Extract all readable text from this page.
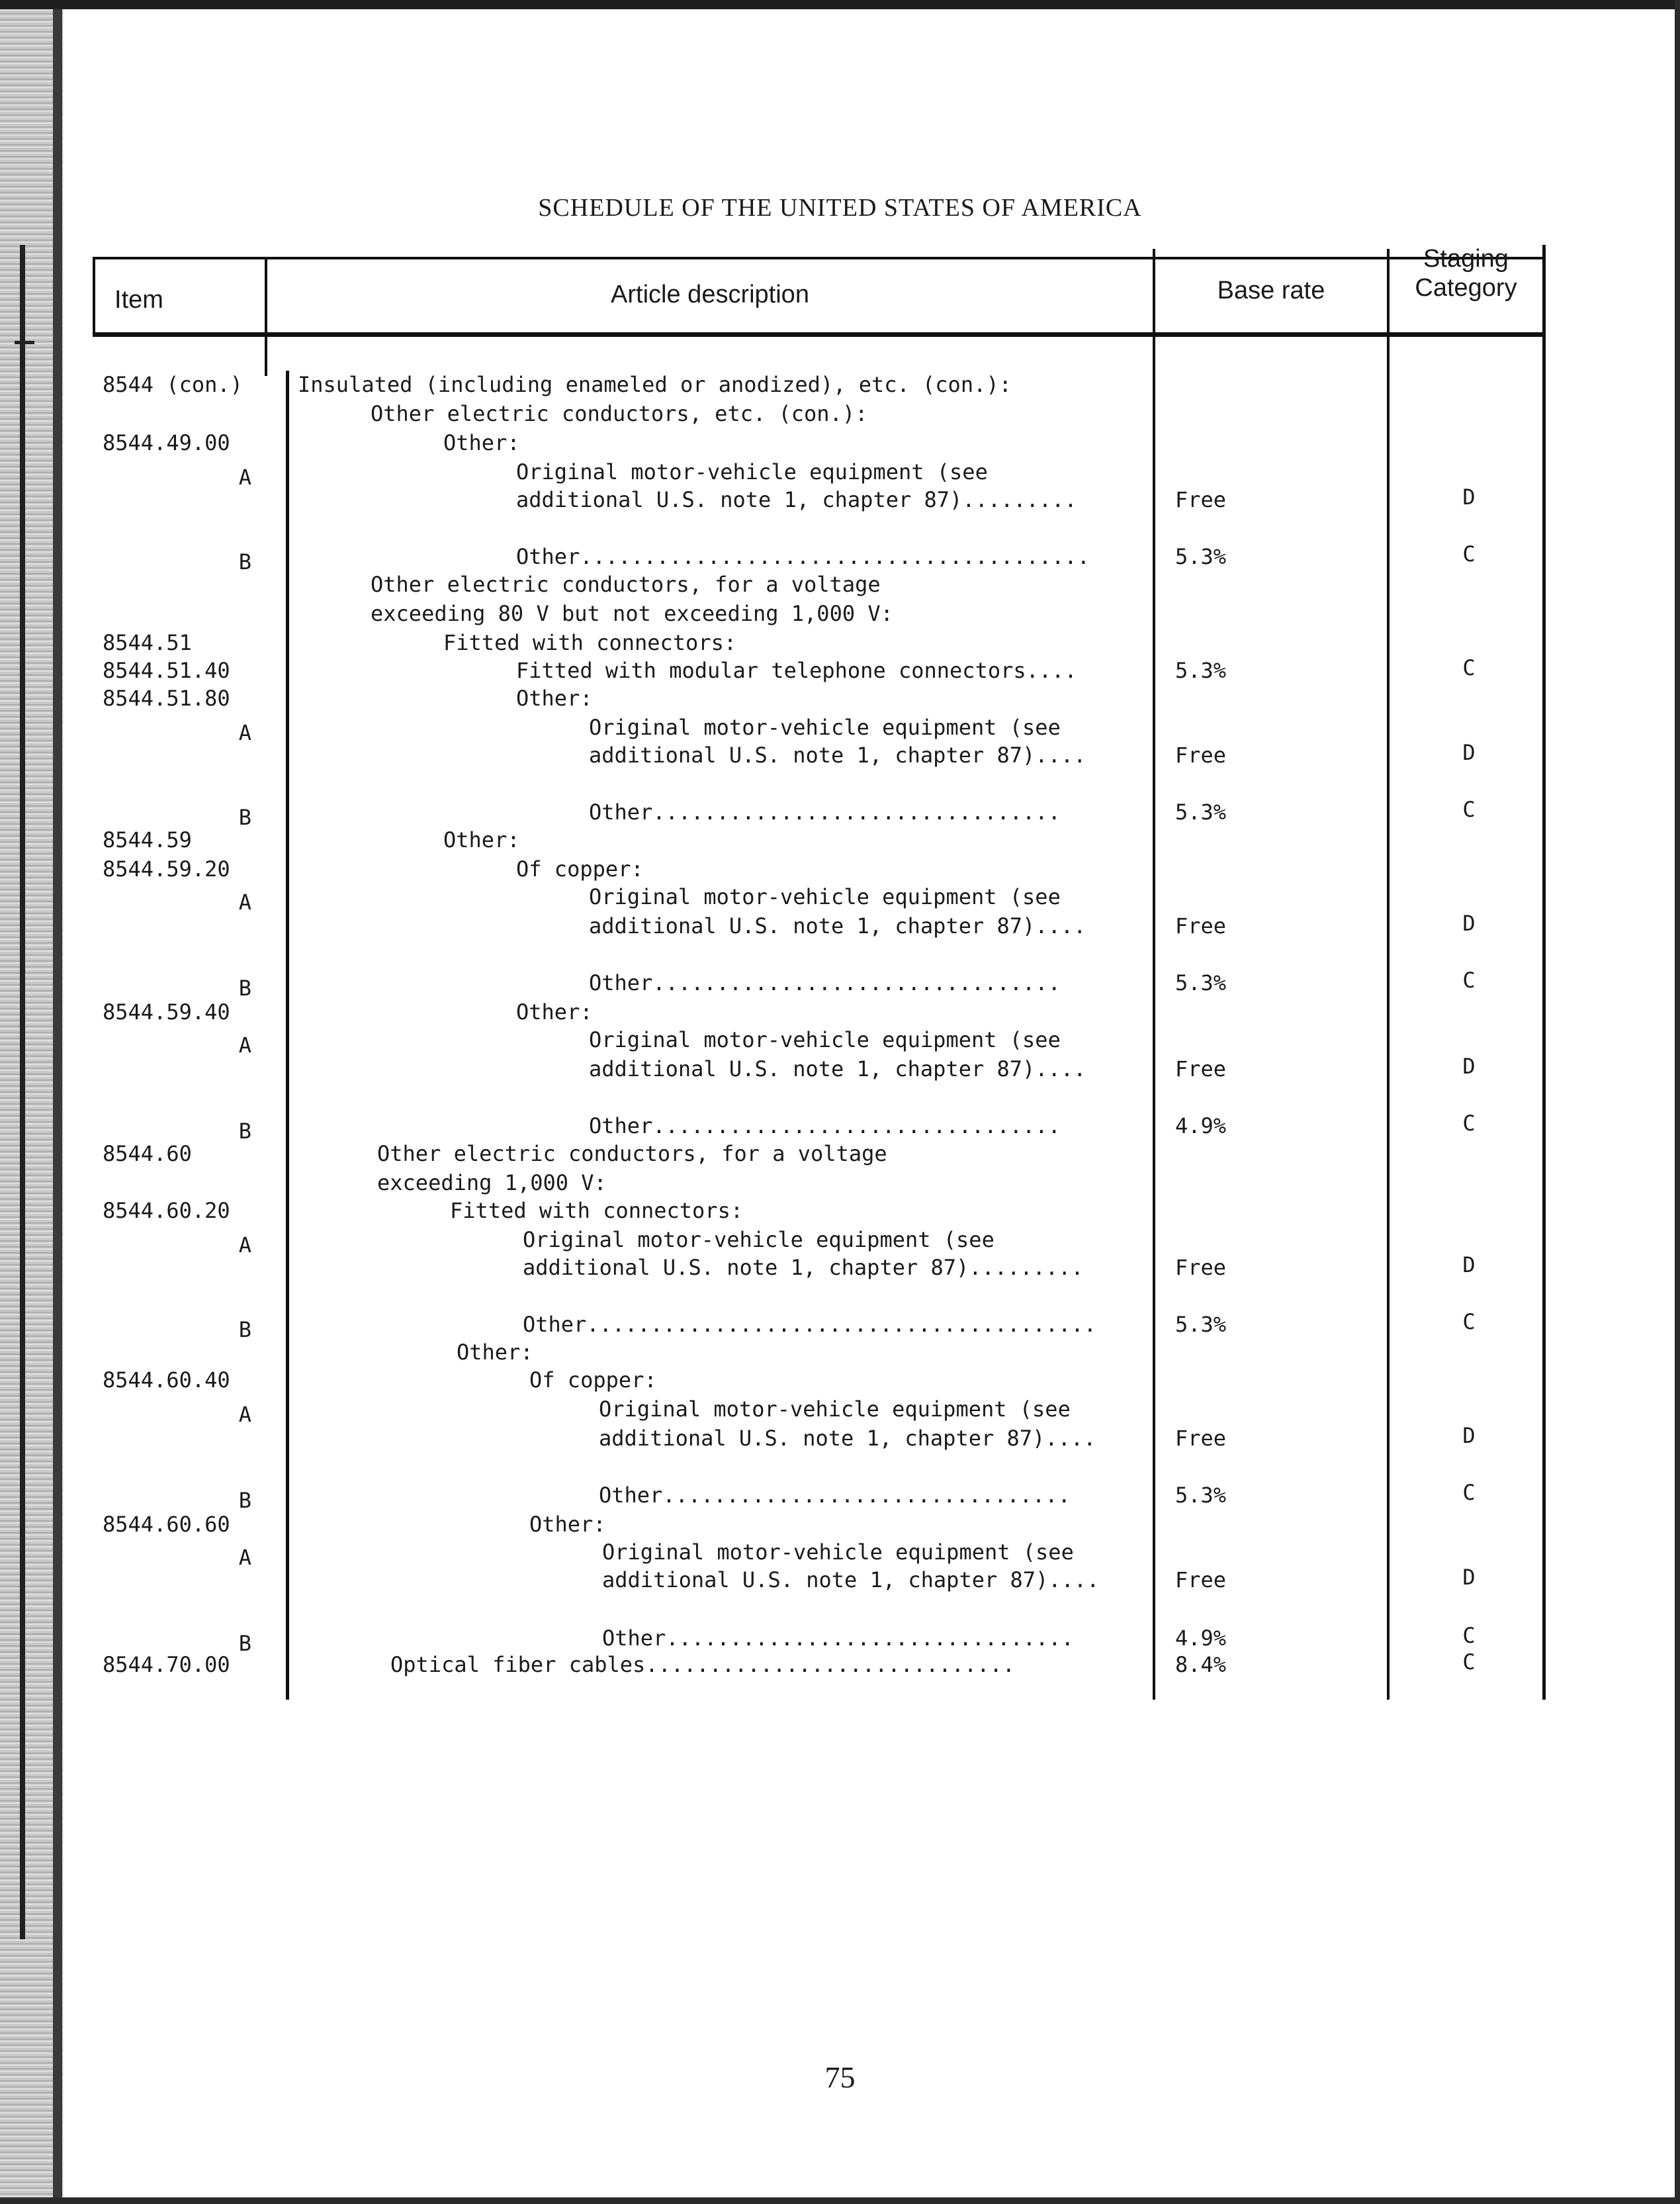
SCHEDULE OF THE UNITED STATES OF AMERICA
Item	Article description	Base rate
Staging
Category
8544 (con.)	Insulated (including enameled or anodized), etc. (con.):
Other electric conductors, etc. (con.):
8544.49.00	Other:
A	Original motor-vehicle equipment (see
additional U.S. note 1, chapter 87).........	Free	D
B	Other........................................	5.3%	C
Other electric conductors, for a voltage
exceeding 80 V but not exceeding 1,000 V:
8544.51	Fitted with connectors:
8544.51.40	Fitted with modular telephone connectors....	5.3%	C
8544.51.80	Other:
A	Original motor-vehicle equipment (see
additional U.S. note 1, chapter 87)....	Free	D
B	Other................................	5.3%	C
8544.59	Other:
8544.59.20	Of copper:
A	Original motor-vehicle equipment (see
additional U.S. note 1, chapter 87)....	Free	D
B	Other................................	5.3%	C
8544.59.40	Other:
A	Original motor-vehicle equipment (see
additional U.S. note 1, chapter 87)....	Free	D
B	Other................................	4.9%	C
8544.60	Other electric conductors, for a voltage
exceeding 1,000 V:
8544.60.20	Fitted with connectors:
A	Original motor-vehicle equipment (see
additional U.S. note 1, chapter 87).........	Free	D
B	Other........................................	5.3%	C
Other:
8544.60.40	Of copper:
A	Original motor-vehicle equipment (see
additional U.S. note 1, chapter 87)....	Free	D
B	Other................................	5.3%	C
8544.60.60	Other:
A	Original motor-vehicle equipment (see
additional U.S. note 1, chapter 87)....	Free	D
B	Other................................	4.9%	C
8544.70.00	Optical fiber cables.............................	8.4%	C
75
